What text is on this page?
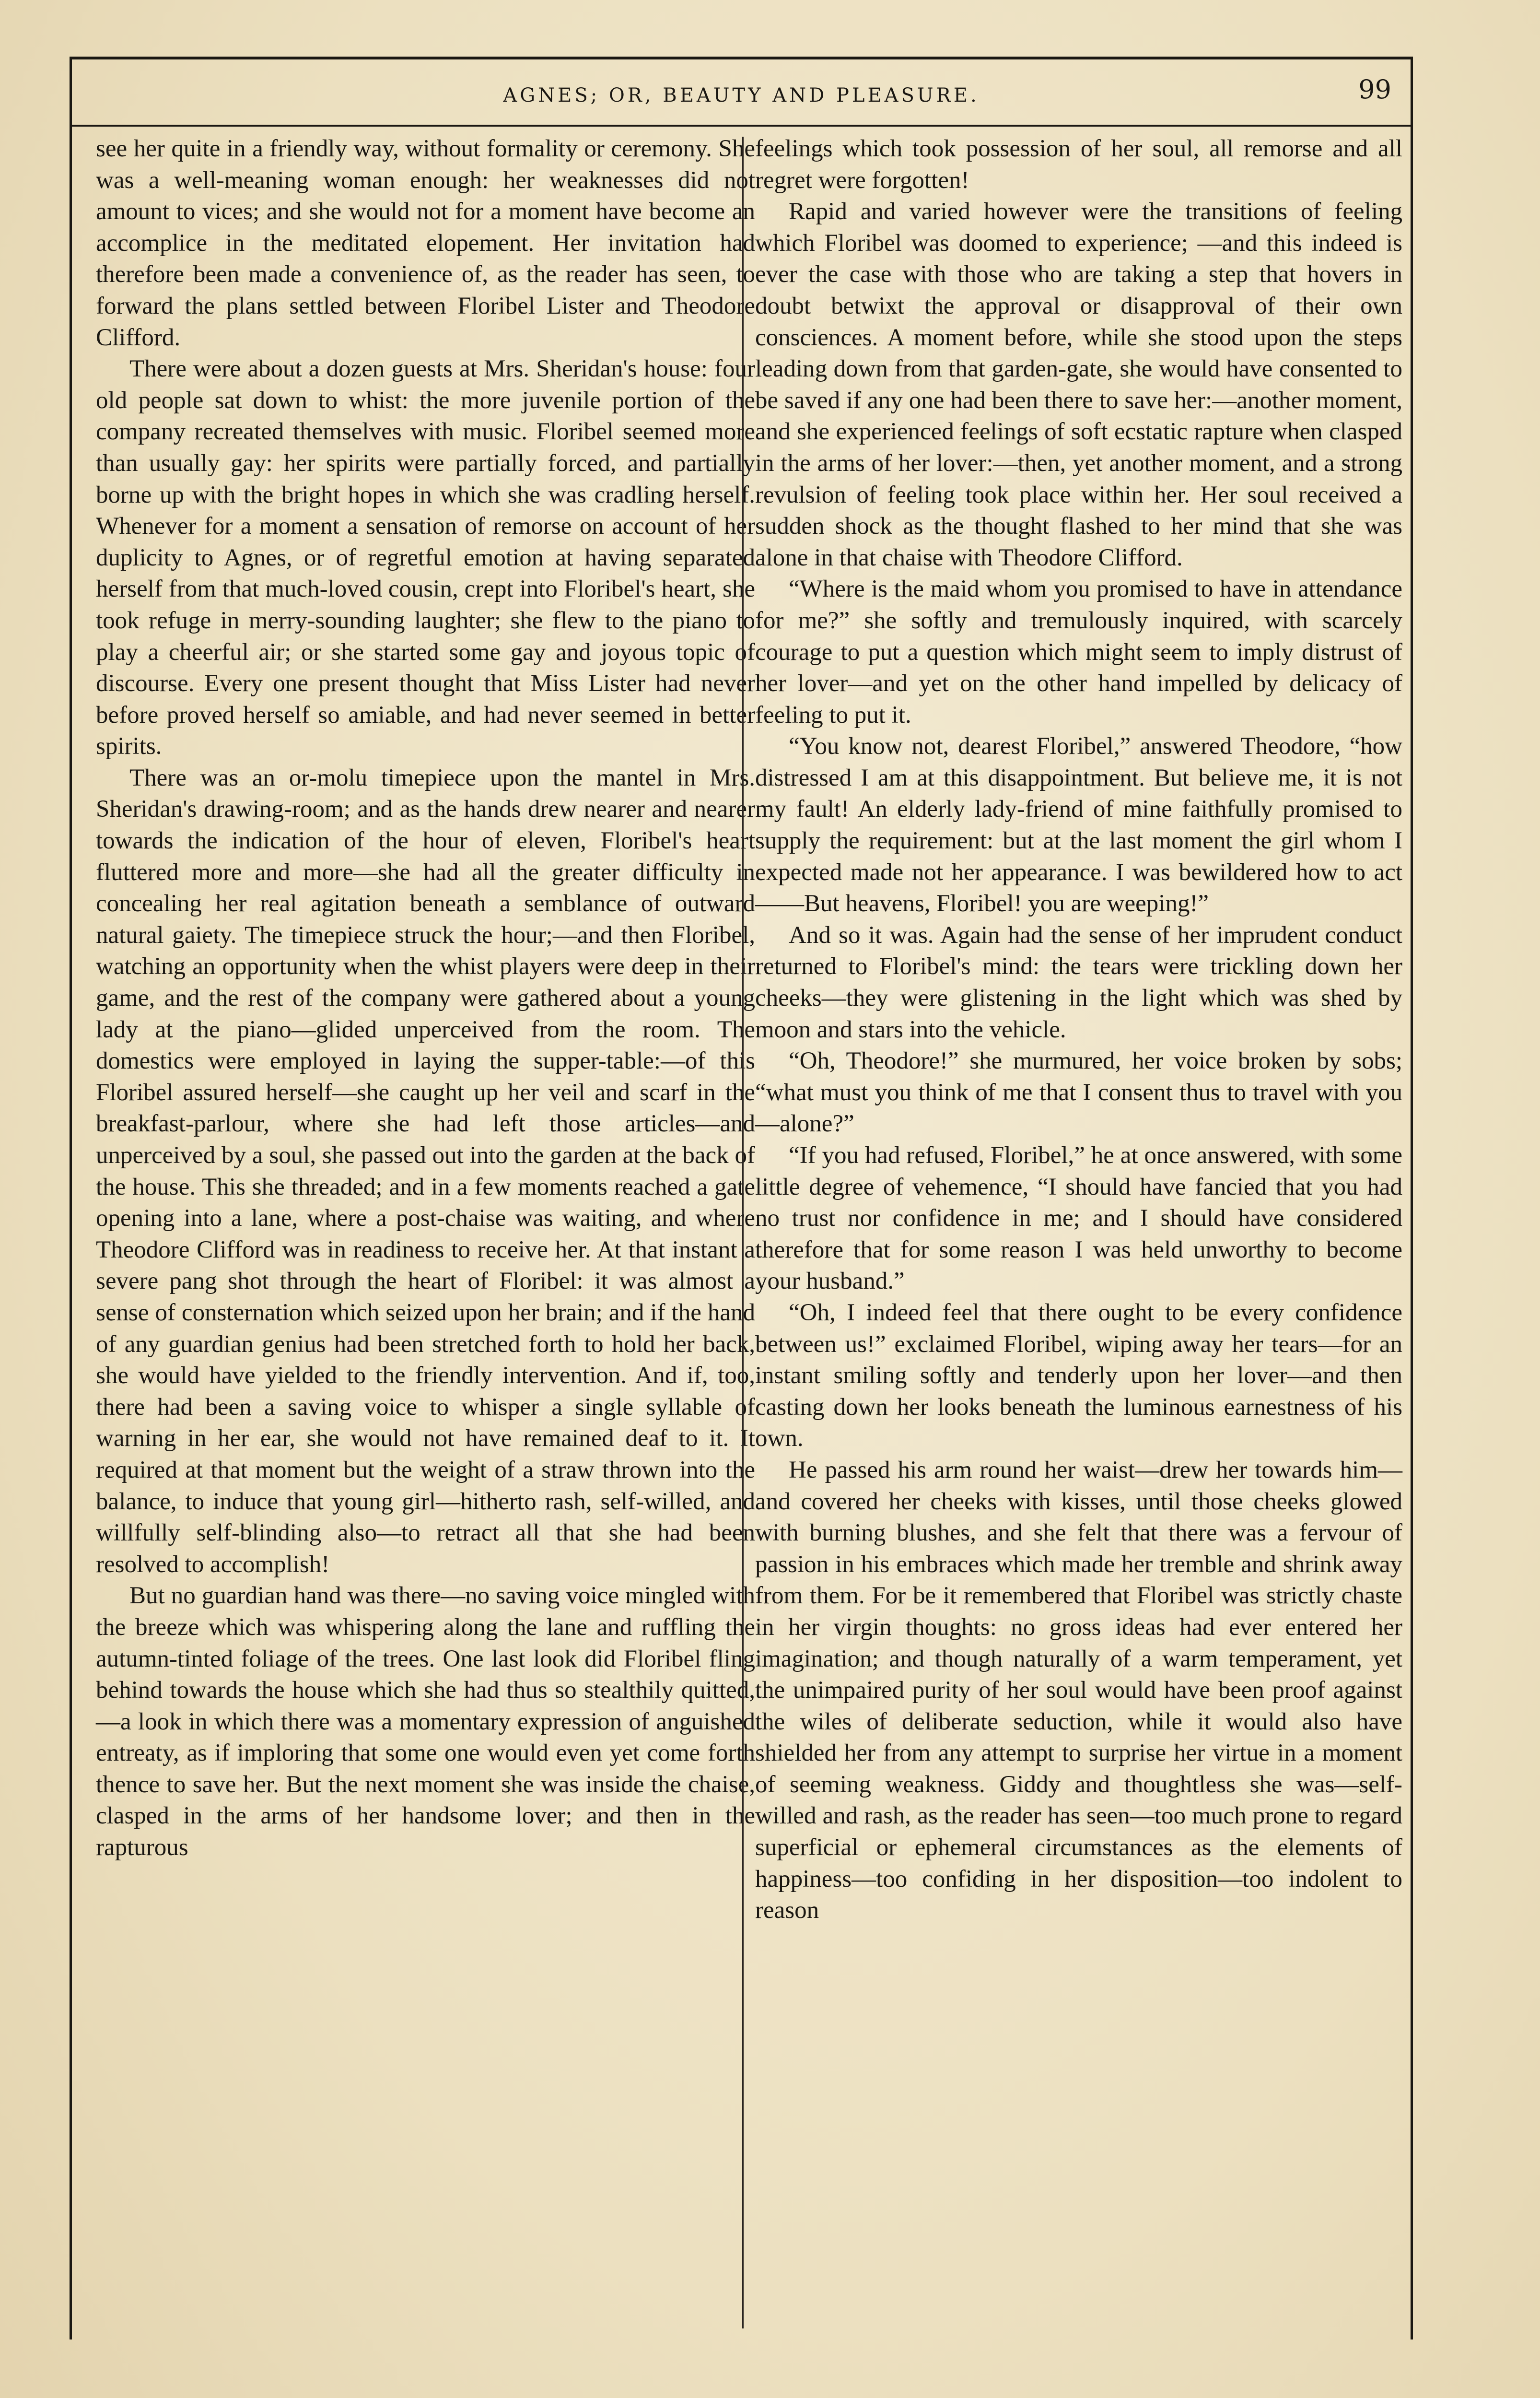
AGNES; OR, BEAUTY AND PLEASURE.	99

see her quite in a friendly way, without formality or ceremony. She was a well-meaning woman enough: her weaknesses did not amount to vices; and she would not for a moment have become an accomplice in the meditated elopement. Her invitation had therefore been made a convenience of, as the reader has seen, to forward the plans settled between Floribel Lister and Theodore Clifford.

There were about a dozen guests at Mrs. Sheridan's house: four old people sat down to whist: the more juvenile portion of the company recreated themselves with music. Floribel seemed more than usually gay: her spirits were partially forced, and partially borne up with the bright hopes in which she was cradling herself. Whenever for a moment a sensation of remorse on account of her duplicity to Agnes, or of regretful emotion at having separated herself from that much-loved cousin, crept into Floribel's heart, she took refuge in merry-sounding laughter; she flew to the piano to play a cheerful air; or she started some gay and joyous topic of discourse. Every one present thought that Miss Lister had never before proved herself so amiable, and had never seemed in better spirits.

There was an or-molu timepiece upon the mantel in Mrs. Sheridan's drawing-room; and as the hands drew nearer and nearer towards the indication of the hour of eleven, Floribel's heart fluttered more and more—she had all the greater difficulty in concealing her real agitation beneath a semblance of outward natural gaiety. The timepiece struck the hour;—and then Floribel, watching an opportunity when the whist players were deep in their game, and the rest of the company were gathered about a young lady at the piano—glided unperceived from the room. The domestics were employed in laying the supper-table:—of this Floribel assured herself—she caught up her veil and scarf in the breakfast-parlour, where she had left those articles—and unperceived by a soul, she passed out into the garden at the back of the house. This she threaded; and in a few moments reached a gate opening into a lane, where a post-chaise was waiting, and where Theodore Clifford was in readiness to receive her. At that instant a severe pang shot through the heart of Floribel: it was almost a sense of consternation which seized upon her brain; and if the hand of any guardian genius had been stretched forth to hold her back, she would have yielded to the friendly intervention. And if, too, there had been a saving voice to whisper a single syllable of warning in her ear, she would not have remained deaf to it. It required at that moment but the weight of a straw thrown into the balance, to induce that young girl—hitherto rash, self-willed, and willfully self-blinding also—to retract all that she had been resolved to accomplish!

But no guardian hand was there—no saving voice mingled with the breeze which was whispering along the lane and ruffling the autumn-tinted foliage of the trees. One last look did Floribel fling behind towards the house which she had thus so stealthily quitted,—a look in which there was a momentary expression of anguished entreaty, as if imploring that some one would even yet come forth thence to save her. But the next moment she was inside the chaise, clasped in the arms of her handsome lover; and then in the rapturous

feelings which took possession of her soul, all remorse and all regret were forgotten!

Rapid and varied however were the transitions of feeling which Floribel was doomed to experience; —and this indeed is ever the case with those who are taking a step that hovers in doubt betwixt the approval or disapproval of their own consciences. A moment before, while she stood upon the steps leading down from that garden-gate, she would have consented to be saved if any one had been there to save her:—another moment, and she experienced feelings of soft ecstatic rapture when clasped in the arms of her lover:—then, yet another moment, and a strong revulsion of feeling took place within her. Her soul received a sudden shock as the thought flashed to her mind that she was alone in that chaise with Theodore Clifford.

“Where is the maid whom you promised to have in attendance for me?” she softly and tremulously inquired, with scarcely courage to put a question which might seem to imply distrust of her lover—and yet on the other hand impelled by delicacy of feeling to put it.

“You know not, dearest Floribel,” answered Theodore, “how distressed I am at this disappointment. But believe me, it is not my fault! An elderly lady-friend of mine faithfully promised to supply the requirement: but at the last moment the girl whom I expected made not her appearance. I was bewildered how to act——But heavens, Floribel! you are weeping!”

And so it was. Again had the sense of her imprudent conduct returned to Floribel's mind: the tears were trickling down her cheeks—they were glistening in the light which was shed by moon and stars into the vehicle.

“Oh, Theodore!” she murmured, her voice broken by sobs; “what must you think of me that I consent thus to travel with you—alone?”

“If you had refused, Floribel,” he at once answered, with some little degree of vehemence, “I should have fancied that you had no trust nor confidence in me; and I should have considered therefore that for some reason I was held unworthy to become your husband.”

“Oh, I indeed feel that there ought to be every confidence between us!” exclaimed Floribel, wiping away her tears—for an instant smiling softly and tenderly upon her lover—and then casting down her looks beneath the luminous earnestness of his own.

He passed his arm round her waist—drew her towards him—and covered her cheeks with kisses, until those cheeks glowed with burning blushes, and she felt that there was a fervour of passion in his embraces which made her tremble and shrink away from them. For be it remembered that Floribel was strictly chaste in her virgin thoughts: no gross ideas had ever entered her imagination; and though naturally of a warm temperament, yet the unimpaired purity of her soul would have been proof against the wiles of deliberate seduction, while it would also have shielded her from any attempt to surprise her virtue in a moment of seeming weakness. Giddy and thoughtless she was—self-willed and rash, as the reader has seen—too much prone to regard superficial or ephemeral circumstances as the elements of happiness—too confiding in her disposition—too indolent to reason
